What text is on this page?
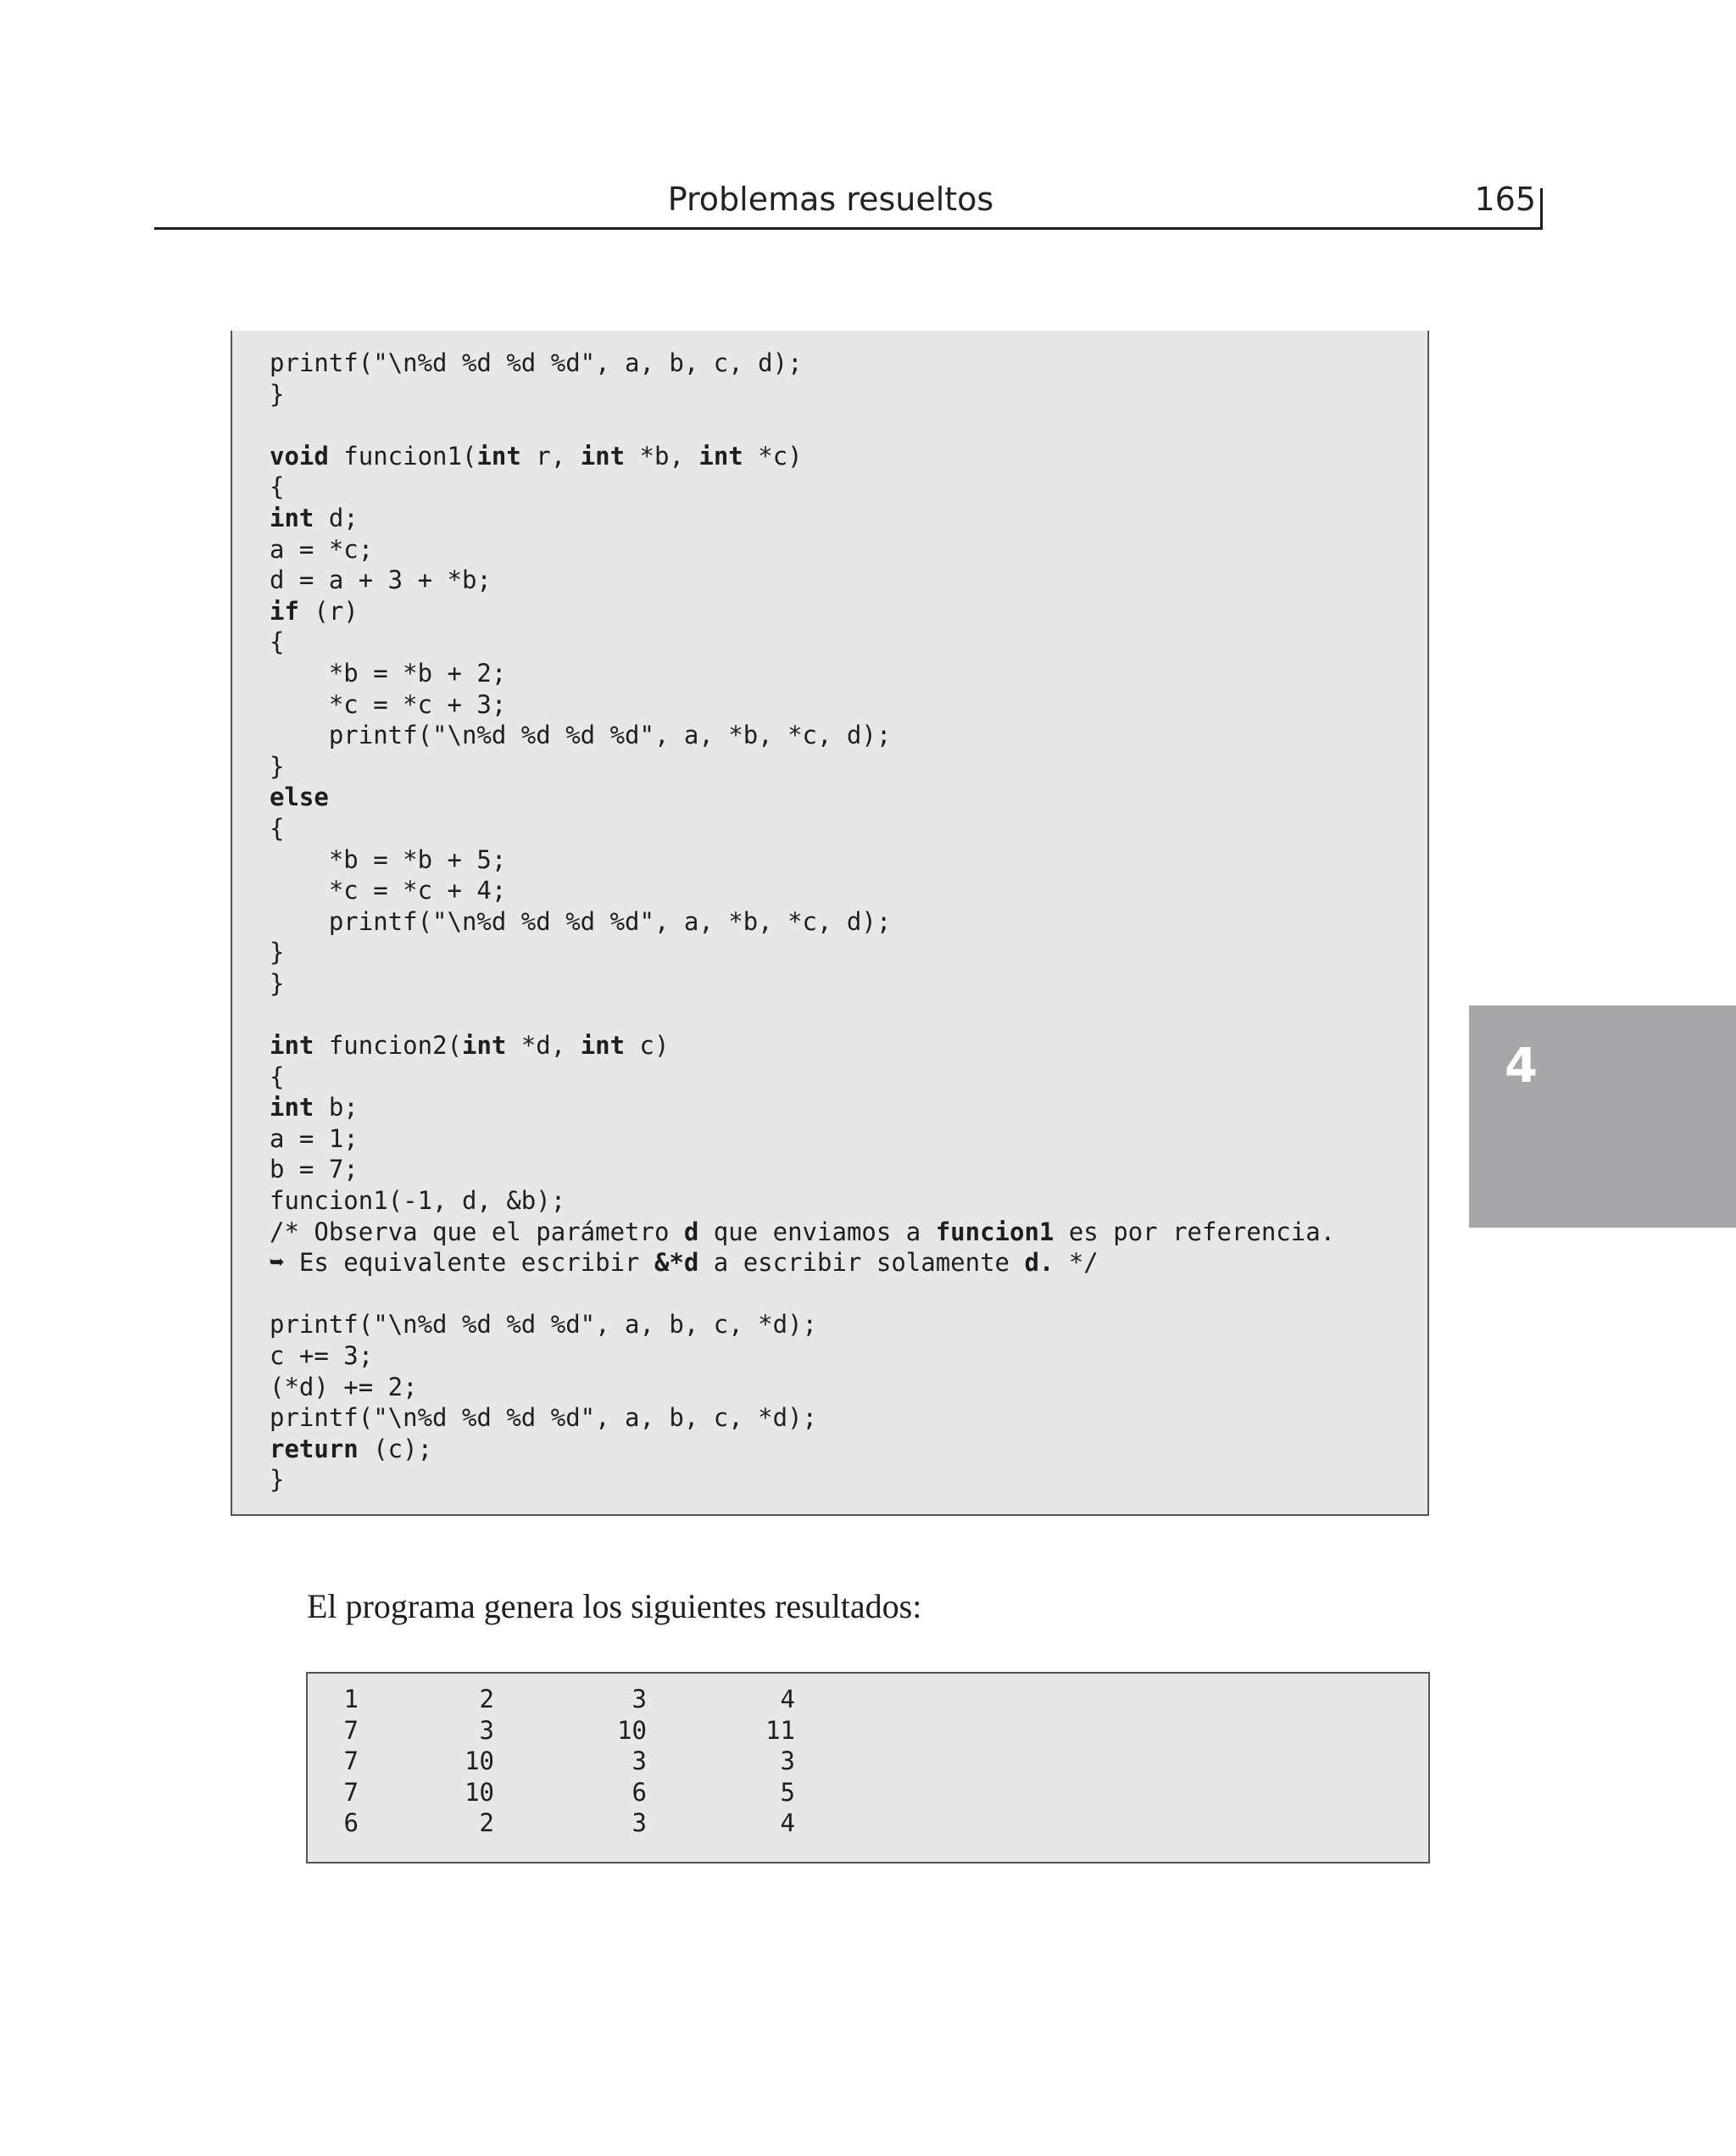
Problemas resueltos	165
printf("\n%d %d %d %d", a, b, c, d);
}
void funcion1(int r, int *b, int *c)
{
int d;
a = *c;
d = a + 3 + *b;
if (r)
{
*b = *b + 2;
*c = *c + 3;
printf("\n%d %d %d %d", a, *b, *c, d);
}
else
{
*b = *b + 5;
*c = *c + 4;
printf("\n%d %d %d %d", a, *b, *c, d);
}
}
int funcion2(int *d, int c)
{
int b;
a = 1;
b = 7;
funcion1(-1, d, &b);
/* Observa que el parámetro d que enviamos a funcion1 es por referencia.
➥ Es equivalente escribir &*d a escribir solamente d. */
printf("\n%d %d %d %d", a, b, c, *d);
c += 3;
(*d) += 2;
printf("\n%d %d %d %d", a, b, c, *d);
return (c);
}
El programa genera los siguientes resultados:
1	2	3	4
7	3	10	11
7	10	3	3
7	10	6	5
6	2	3	4
4
